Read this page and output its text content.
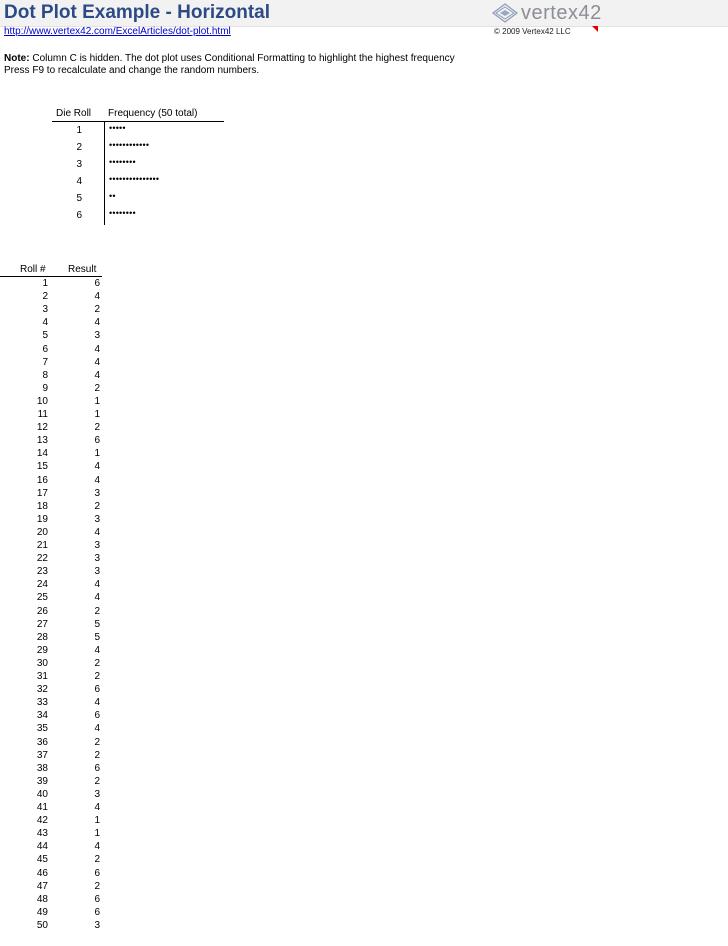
Dot Plot Example - Horizontal
http://www.vertex42.com/ExcelArticles/dot-plot.html
vertex42
© 2009 Vertex42 LLC
Note: Column C is hidden. The dot plot uses Conditional Formatting to highlight the highest frequency
Press F9 to recalculate and change the random numbers.
Die Roll Frequency (50 total)
1	•••••
2	••••••••••••
3	••••••••
4	•••••••••••••••
5	••
6	••••••••
Roll # Result
1	6
2	4
3	2
4	4
5	3
6	4
7	4
8	4
9	2
10	1
11	1
12	2
13	6
14	1
15	4
16	4
17	3
18	2
19	3
20	4
21	3
22	3
23	3
24	4
25	4
26	2
27	5
28	5
29	4
30	2
31	2
32	6
33	4
34	6
35	4
36	2
37	2
38	6
39	2
40	3
41	4
42	1
43	1
44	4
45	2
46	6
47	2
48	6
49	6
50	3
